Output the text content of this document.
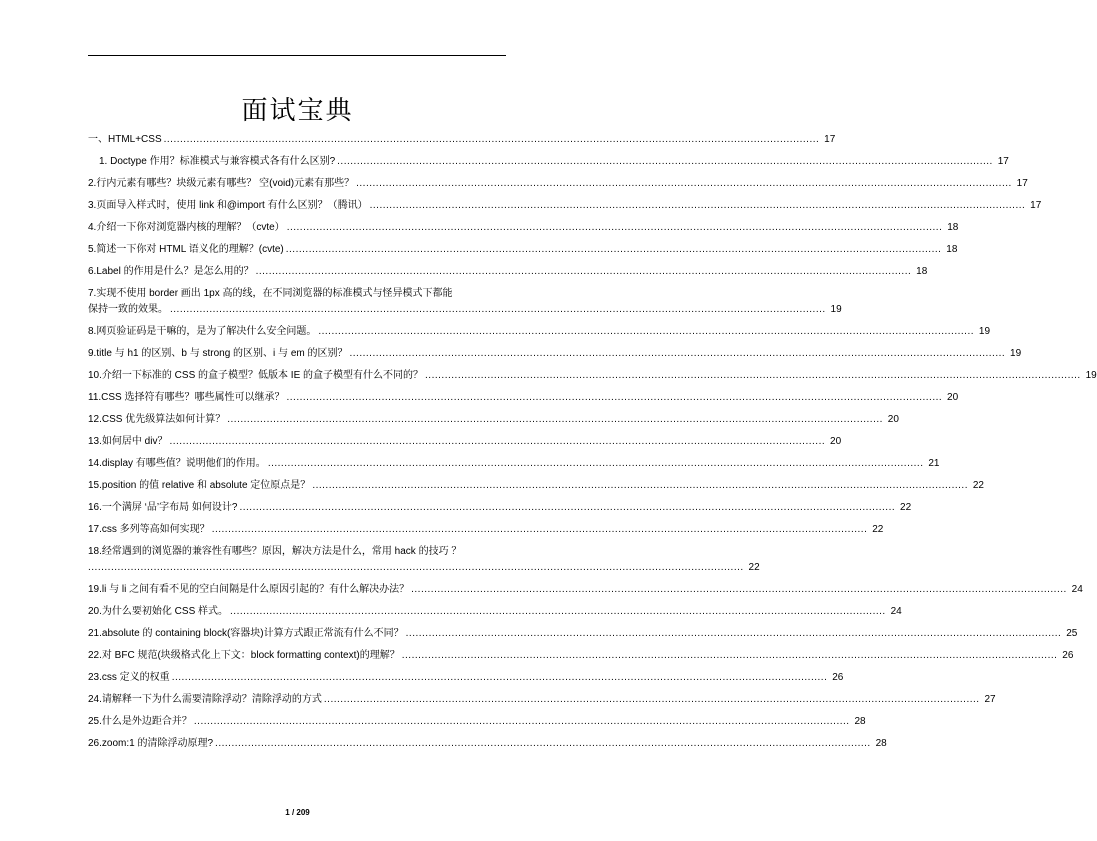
面试宝典
一、HTML+CSS ........................................................................................................................................................................................................ 17
1. Doctype 作用？标准模式与兼容模式各有什么区别? ........................................................................................................................................................................................................ 17
2.行内元素有哪些？块级元素有哪些？ 空(void)元素有那些？ ........................................................................................................................................................................................................ 17
3.页面导入样式时，使用 link 和@import 有什么区别？（腾讯） ........................................................................................................................................................................................................ 17
4.介绍一下你对浏览器内核的理解？（cvte） ........................................................................................................................................................................................................ 18
5.简述一下你对 HTML 语义化的理解？(cvte) ........................................................................................................................................................................................................ 18
6.Label 的作用是什么？是怎么用的？ ........................................................................................................................................................................................................ 18
7.实现不使用 border 画出 1px 高的线，在不同浏览器的标准模式与怪异模式下都能
保持一致的效果。 ........................................................................................................................................................................................................ 19
8.网页验证码是干嘛的，是为了解决什么安全问题。 ........................................................................................................................................................................................................ 19
9.title 与 h1 的区别、b 与 strong 的区别、i 与 em 的区别？ ........................................................................................................................................................................................................ 19
10.介绍一下标准的 CSS 的盒子模型？低版本 IE 的盒子模型有什么不同的？ ........................................................................................................................................................................................................ 19
11.CSS 选择符有哪些？哪些属性可以继承？ ........................................................................................................................................................................................................ 20
12.CSS 优先级算法如何计算？ ........................................................................................................................................................................................................ 20
13.如何居中 div？ ........................................................................................................................................................................................................ 20
14.display 有哪些值？说明他们的作用。 ........................................................................................................................................................................................................ 21
15.position 的值 relative 和 absolute 定位原点是？ ........................................................................................................................................................................................................ 22
16.一个满屏 ‘品’字布局 如何设计? ........................................................................................................................................................................................................ 22
17.css 多列等高如何实现？ ........................................................................................................................................................................................................ 22
18.经常遇到的浏览器的兼容性有哪些？原因，解决方法是什么，常用 hack 的技巧 ？
........................................................................................................................................................................................................ 22
19.li 与 li 之间有看不见的空白间隔是什么原因引起的？有什么解决办法？ ........................................................................................................................................................................................................ 24
20.为什么要初始化 CSS 样式。 ........................................................................................................................................................................................................ 24
21.absolute 的 containing block(容器块)计算方式跟正常流有什么不同？ ........................................................................................................................................................................................................ 25
22.对 BFC 规范(块级格式化上下文：block formatting context)的理解？ ........................................................................................................................................................................................................ 26
23.css 定义的权重 ........................................................................................................................................................................................................ 26
24.请解释一下为什么需要清除浮动？清除浮动的方式 ........................................................................................................................................................................................................ 27
25.什么是外边距合并？ ........................................................................................................................................................................................................ 28
26.zoom:1 的清除浮动原理? ........................................................................................................................................................................................................ 28
1 / 209
